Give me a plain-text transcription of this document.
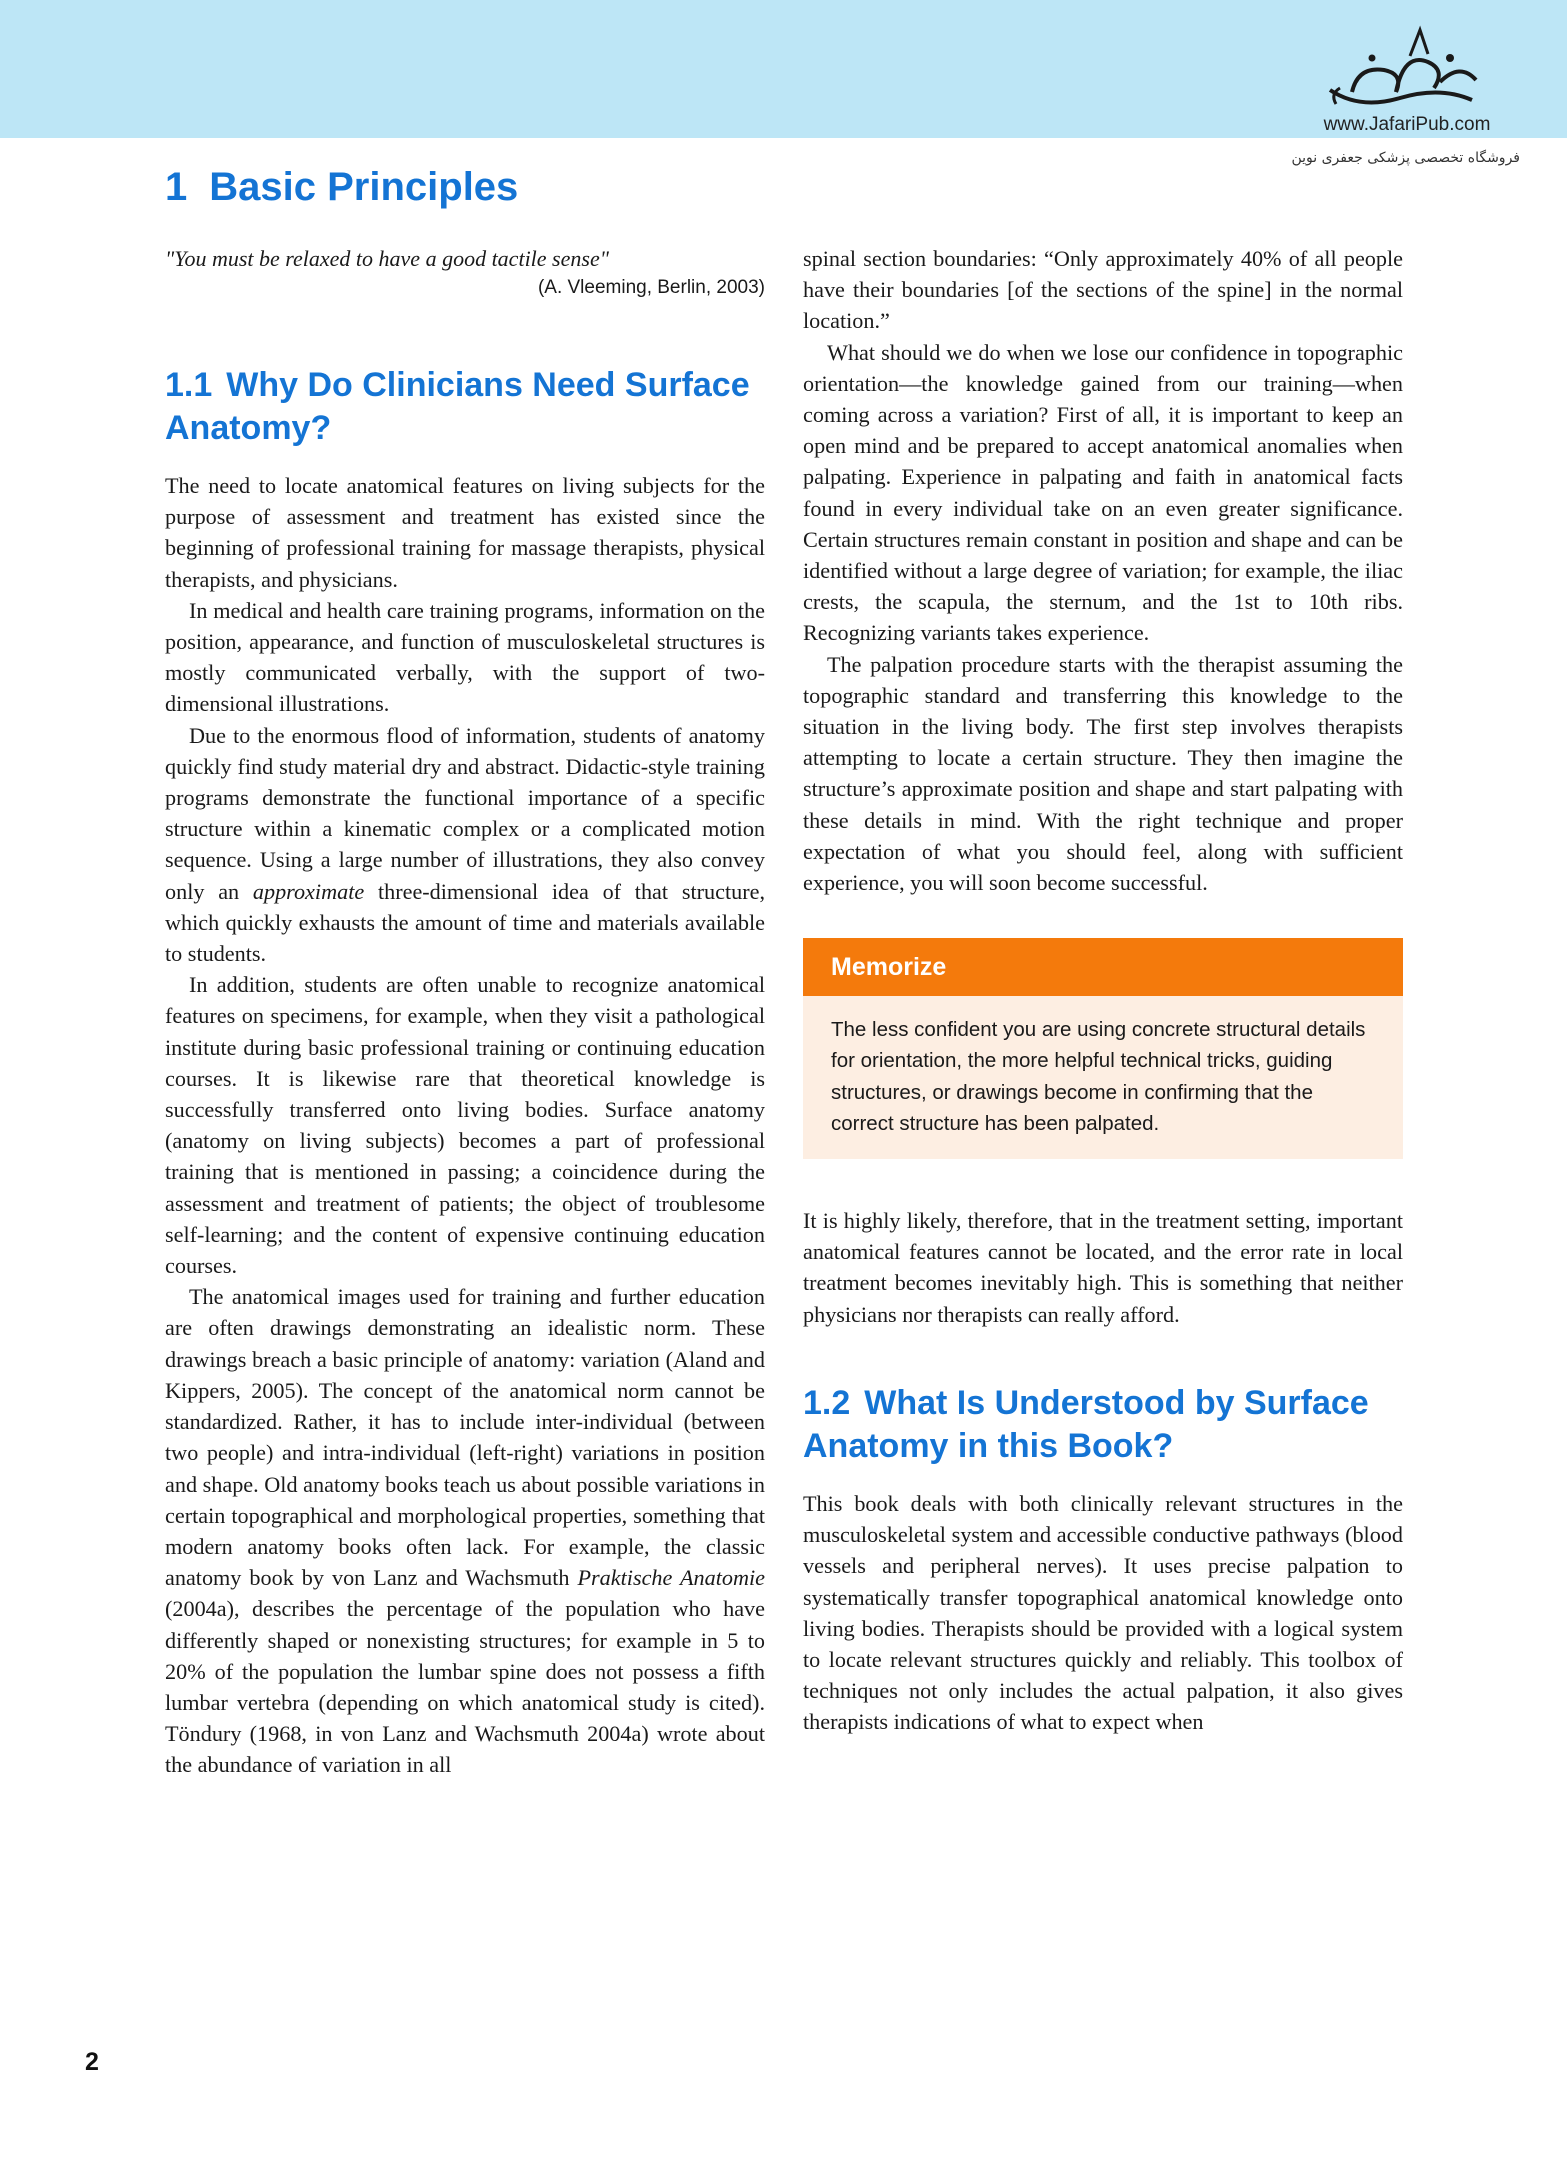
www.JafariPub.com
فروشگاه تخصصی پزشکی جعفری نوین
1 Basic Principles
"You must be relaxed to have a good tactile sense"
(A. Vleeming, Berlin, 2003)
1.1 Why Do Clinicians Need Surface Anatomy?

The need to locate anatomical features on living subjects for the purpose of assessment and treatment has existed since the beginning of professional training for massage therapists, physical therapists, and physicians.

In medical and health care training programs, information on the position, appearance, and function of musculoskeletal structures is mostly communicated verbally, with the support of two-dimensional illustrations.

Due to the enormous flood of information, students of anatomy quickly find study material dry and abstract. Didactic-style training programs demonstrate the functional importance of a specific structure within a kinematic complex or a complicated motion sequence. Using a large number of illustrations, they also convey only an approximate three-dimensional idea of that structure, which quickly exhausts the amount of time and materials available to students.

In addition, students are often unable to recognize anatomical features on specimens, for example, when they visit a pathological institute during basic professional training or continuing education courses. It is likewise rare that theoretical knowledge is successfully transferred onto living bodies. Surface anatomy (anatomy on living subjects) becomes a part of professional training that is mentioned in passing; a coincidence during the assessment and treatment of patients; the object of troublesome self-learning; and the content of expensive continuing education courses.

The anatomical images used for training and further education are often drawings demonstrating an idealistic norm. These drawings breach a basic principle of anatomy: variation (Aland and Kippers, 2005). The concept of the anatomical norm cannot be standardized. Rather, it has to include inter-individual (between two people) and intra-individual (left-right) variations in position and shape. Old anatomy books teach us about possible variations in certain topographical and morphological properties, something that modern anatomy books often lack. For example, the classic anatomy book by von Lanz and Wachsmuth Praktische Anatomie (2004a), describes the percentage of the population who have differently shaped or nonexisting structures; for example in 5 to 20% of the population the lumbar spine does not possess a fifth lumbar vertebra (depending on which anatomical study is cited). Töndury (1968, in von Lanz and Wachsmuth 2004a) wrote about the abundance of variation in all

spinal section boundaries: “Only approximately 40% of all people have their boundaries [of the sections of the spine] in the normal location.”

What should we do when we lose our confidence in topographic orientation—the knowledge gained from our training—when coming across a variation? First of all, it is important to keep an open mind and be prepared to accept anatomical anomalies when palpating. Experience in palpating and faith in anatomical facts found in every individual take on an even greater significance. Certain structures remain constant in position and shape and can be identified without a large degree of variation; for example, the iliac crests, the scapula, the sternum, and the 1st to 10th ribs. Recognizing variants takes experience.

The palpation procedure starts with the therapist assuming the topographic standard and transferring this knowledge to the situation in the living body. The first step involves therapists attempting to locate a certain structure. They then imagine the structure’s approximate position and shape and start palpating with these details in mind. With the right technique and proper expectation of what you should feel, along with sufficient experience, you will soon become successful.

Memorize
The less confident you are using concrete structural details for orientation, the more helpful technical tricks, guiding structures, or drawings become in confirming that the correct structure has been palpated.

It is highly likely, therefore, that in the treatment setting, important anatomical features cannot be located, and the error rate in local treatment becomes inevitably high. This is something that neither physicians nor therapists can really afford.

1.2 What Is Understood by Surface Anatomy in this Book?

This book deals with both clinically relevant structures in the musculoskeletal system and accessible conductive pathways (blood vessels and peripheral nerves). It uses precise palpation to systematically transfer topographical anatomical knowledge onto living bodies. Therapists should be provided with a logical system to locate relevant structures quickly and reliably. This toolbox of techniques not only includes the actual palpation, it also gives therapists indications of what to expect when

2
